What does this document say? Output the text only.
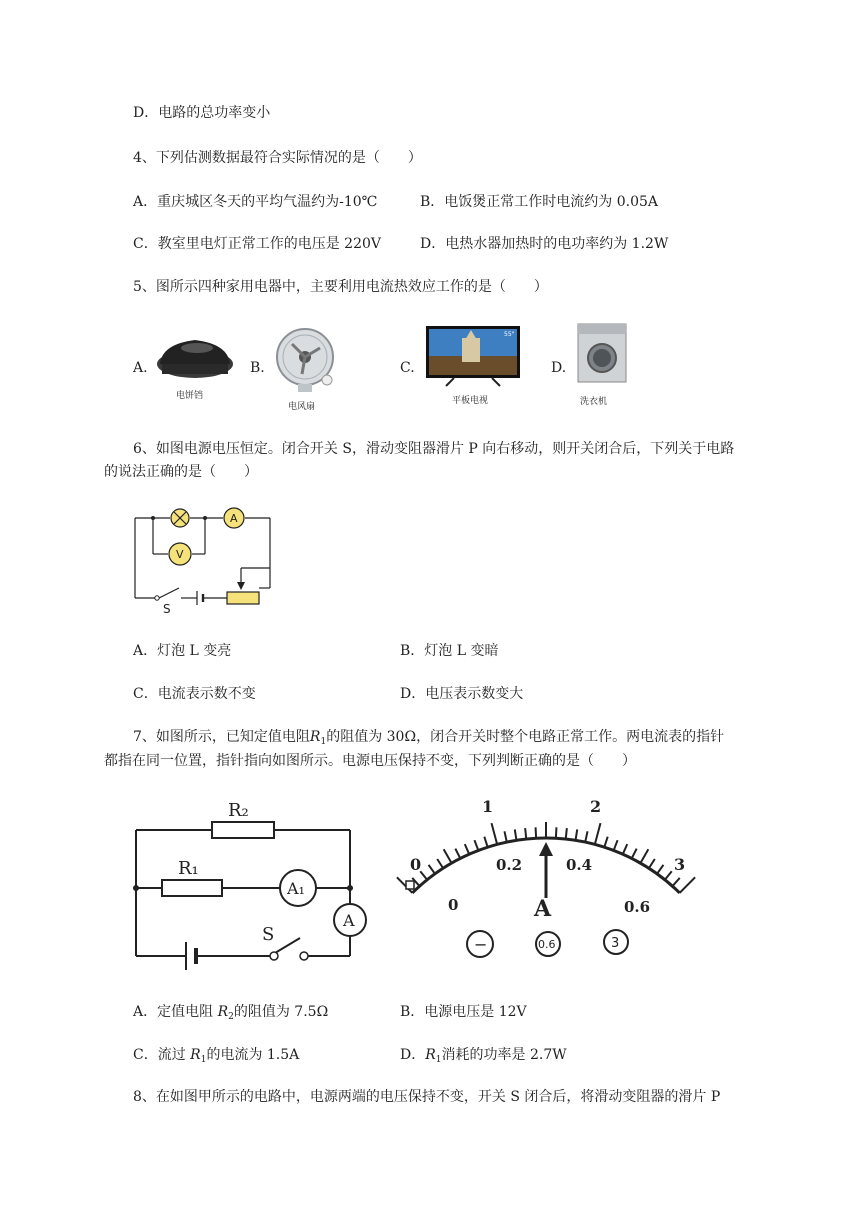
D．电路的总功率变小
4、下列估测数据最符合实际情况的是（　　）
A．重庆城区冬天的平均气温约为-10℃	B．电饭煲正常工作时电流约为 0.05A
C．教室里电灯正常工作的电压是 220V	D．电热水器加热时的电功率约为 1.2W
5、图所示四种家用电器中，主要利用电流热效应工作的是（　　）
A.
电饼铛
B.
电风扇
C.
55"
平板电视
D.
洗衣机
6、如图电源电压恒定。闭合开关 S，滑动变阻器滑片 P 向右移动，则开关闭合后，下列关于电路
的说法正确的是（　　）
A
V
S
A．灯泡 L 变亮	B．灯泡 L 变暗
C．电流表示数不变	D．电压表示数变大
7、如图所示，已知定值电阻$R_1$的阻值为 30Ω，闭合开关时整个电路正常工作。两电流表的指针
都指在同一位置，指针指向如图所示。电源电压保持不变，下列判断正确的是（　　）
R₂
R₁
A₁
A
S
1	2
3
0
0
0.2	0.4
0.6
A
−	0.6	3
A．定值电阻 $R_2$的阻值为 7.5Ω	B．电源电压是 12V
C．流过 $R_1$的电流为 1.5A	D．$R_1$消耗的功率是 2.7W
8、在如图甲所示的电路中，电源两端的电压保持不变，开关 S 闭合后，将滑动变阻器的滑片 P
